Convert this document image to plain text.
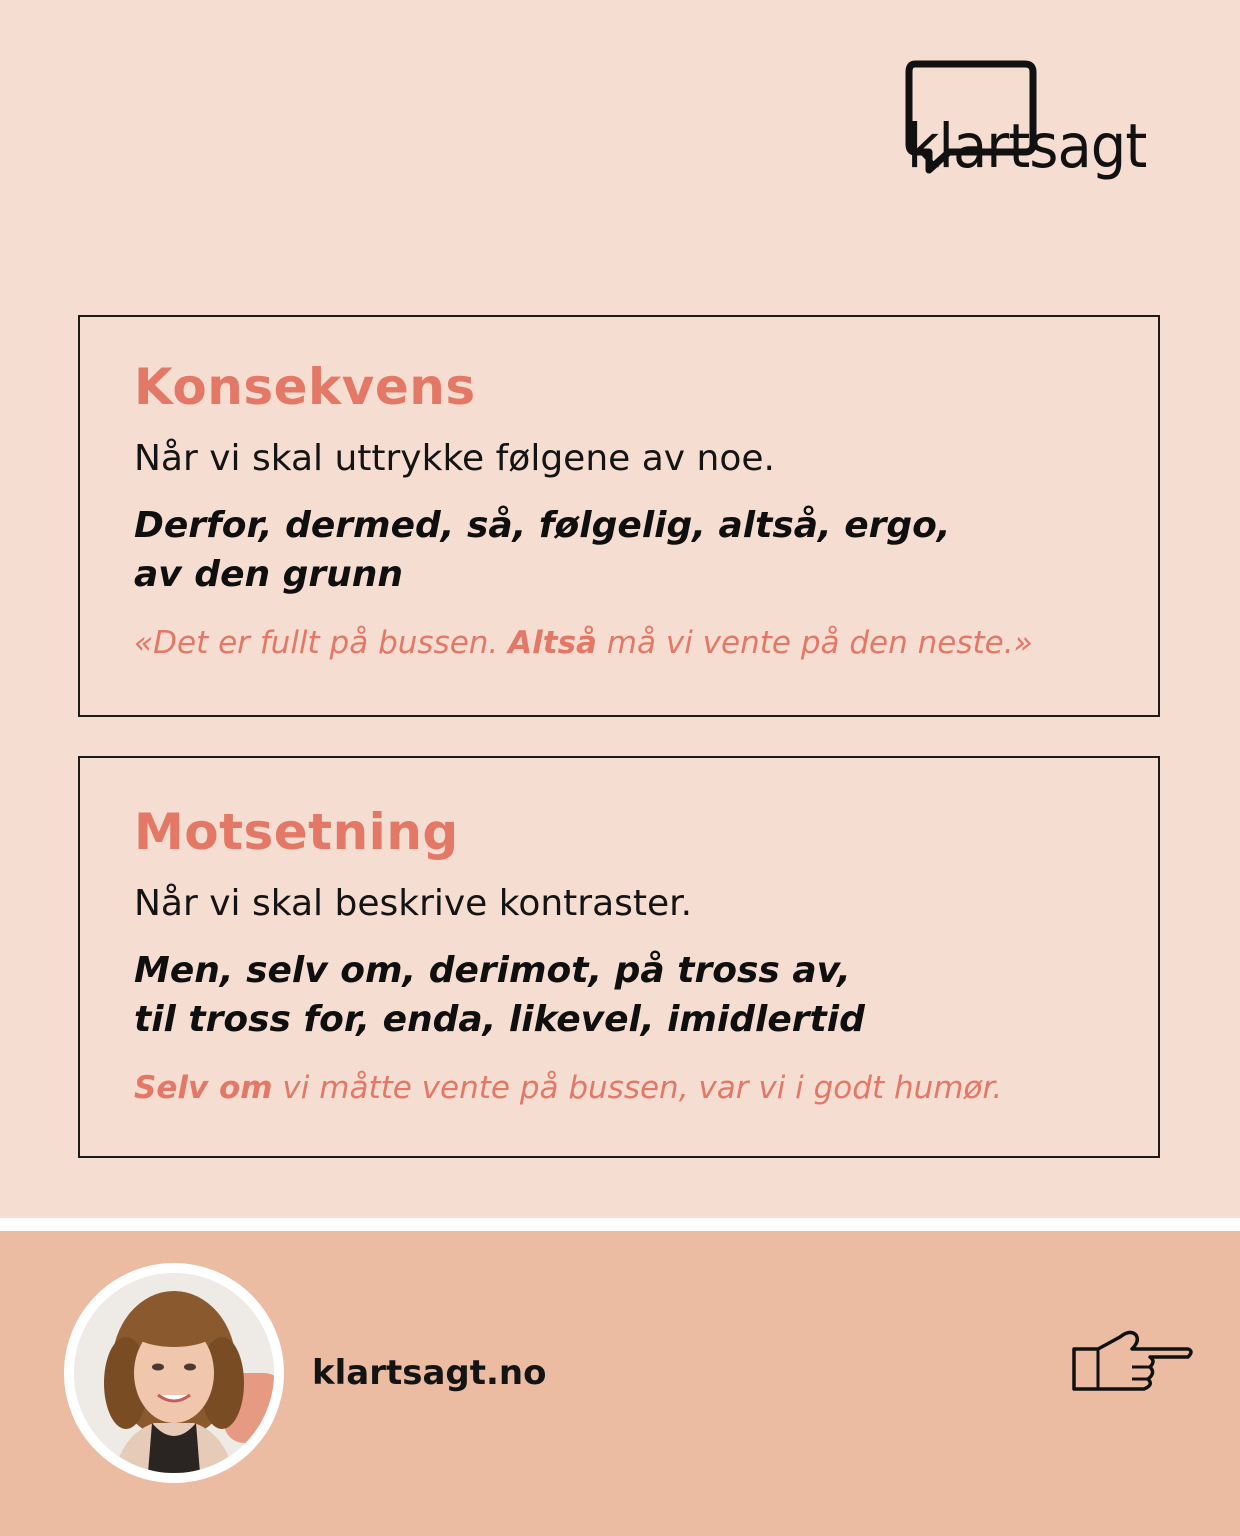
klartsagt
Konsekvens
Når vi skal uttrykke følgene av noe.
Derfor, dermed, så, følgelig, altså, ergo,
av den grunn
«Det er fullt på bussen. Altså må vi vente på den neste.»
Motsetning
Når vi skal beskrive kontraster.
Men, selv om, derimot, på tross av,
til tross for, enda, likevel, imidlertid
Selv om vi måtte vente på bussen, var vi i godt humør.
klartsagt.no
